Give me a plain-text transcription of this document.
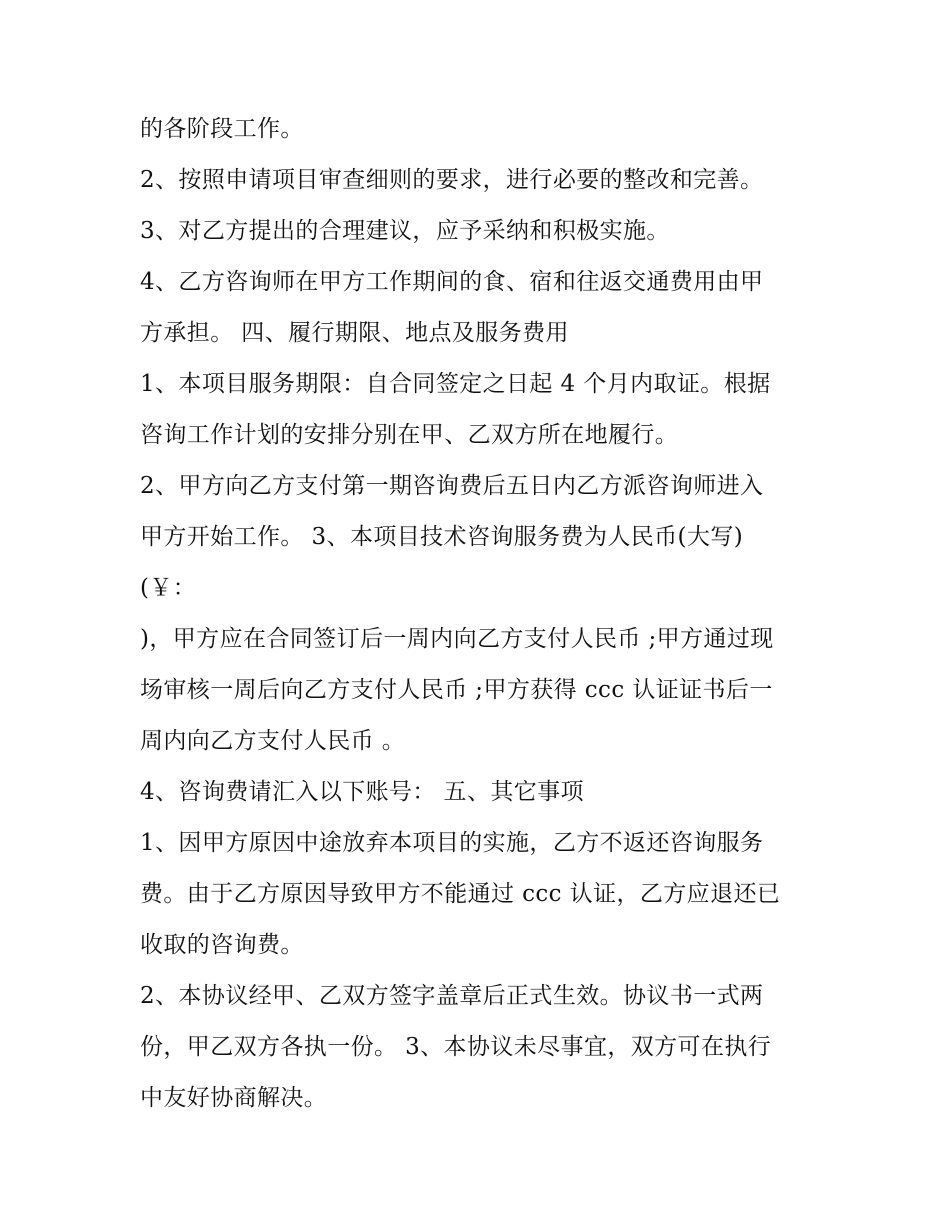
的各阶段工作。
2、按照申请项目审查细则的要求，进行必要的整改和完善。
3、对乙方提出的合理建议，应予采纳和积极实施。
4、乙方咨询师在甲方工作期间的食、宿和往返交通费用由甲
方承担。 四、履行期限、地点及服务费用
1、本项目服务期限：自合同签定之日起 4 个月内取证。根据
咨询工作计划的安排分别在甲、乙双方所在地履行。
2、甲方向乙方支付第一期咨询费后五日内乙方派咨询师进入
甲方开始工作。 3、本项目技术咨询服务费为人民币(大写)
(￥：
)，甲方应在合同签订后一周内向乙方支付人民币 ;甲方通过现
场审核一周后向乙方支付人民币 ;甲方获得 ccc 认证证书后一
周内向乙方支付人民币 。
4、咨询费请汇入以下账号： 五、其它事项
1、因甲方原因中途放弃本项目的实施，乙方不返还咨询服务
费。由于乙方原因导致甲方不能通过 ccc 认证，乙方应退还已
收取的咨询费。
2、本协议经甲、乙双方签字盖章后正式生效。协议书一式两
份，甲乙双方各执一份。 3、本协议未尽事宜，双方可在执行
中友好协商解决。
